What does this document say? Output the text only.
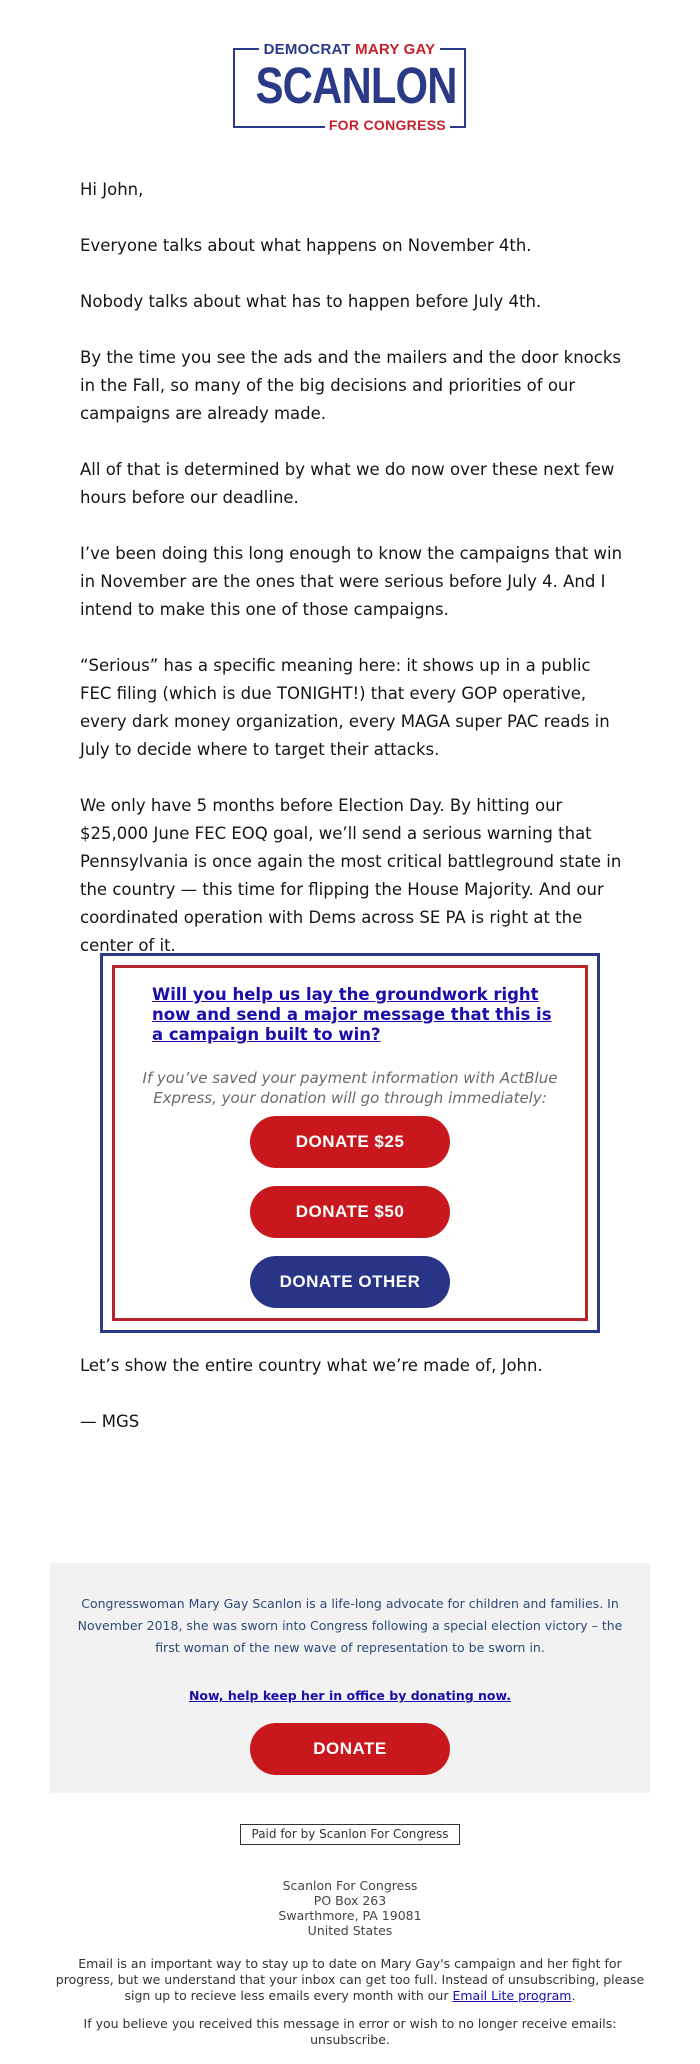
DEMOCRAT MARY GAY
SCANLON
FOR CONGRESS

Hi John,

Everyone talks about what happens on November 4th.

Nobody talks about what has to happen before July 4th.

By the time you see the ads and the mailers and the door knocks in the Fall, so many of the big decisions and priorities of our campaigns are already made.

All of that is determined by what we do now over these next few hours before our deadline.

I’ve been doing this long enough to know the campaigns that win in November are the ones that were serious before July 4. And I intend to make this one of those campaigns.

“Serious” has a specific meaning here: it shows up in a public FEC filing (which is due TONIGHT!) that every GOP operative, every dark money organization, every MAGA super PAC reads in July to decide where to target their attacks.

We only have 5 months before Election Day. By hitting our $25,000 June FEC EOQ goal, we’ll send a serious warning that Pennsylvania is once again the most critical battleground state in the country — this time for flipping the House Majority. And our coordinated operation with Dems across SE PA is right at the center of it.

Will you help us lay the groundwork right now and send a major message that this is a campaign built to win?
If you’ve saved your payment information with ActBlue Express, your donation will go through immediately:
DONATE $25
DONATE $50
DONATE OTHER

Let’s show the entire country what we’re made of, John.

— MGS

Congresswoman Mary Gay Scanlon is a life-long advocate for children and families. In November 2018, she was sworn into Congress following a special election victory – the first woman of the new wave of representation to be sworn in.
Now, help keep her in office by donating now.
DONATE
Paid for by Scanlon For Congress
Scanlon For Congress
PO Box 263
Swarthmore, PA 19081
United States
Email is an important way to stay up to date on Mary Gay's campaign and her fight for progress, but we understand that your inbox can get too full. Instead of unsubscribing, please sign up to recieve less emails every month with our Email Lite program.
If you believe you received this message in error or wish to no longer receive emails: unsubscribe.
